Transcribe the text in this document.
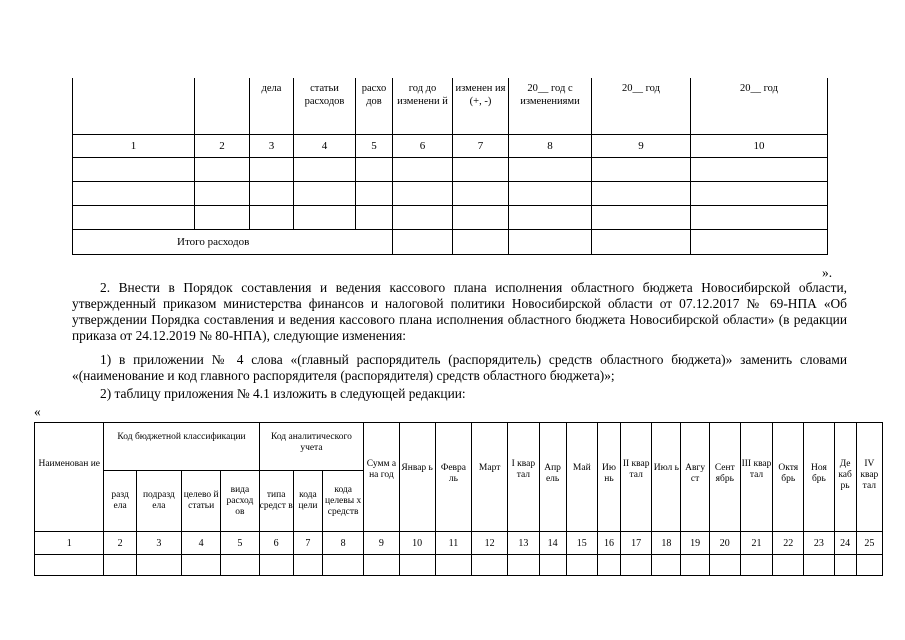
		дела	статьи расходов	расхо дов	год до изменени й	изменен ия (+, -)	20__ год с изменениями	20__ год	20__ год
1	2	3	4	5	6	7	8	9	10

Итого расходов									
».

2. Внести в Порядок составления и ведения кассового плана исполнения областного бюджета Новосибирской области, утвержденный приказом министерства финансов и налоговой политики Новосибирской области от 07.12.2017 № 69-НПА «Об утверждении Порядка составления и ведения кассового плана исполнения областного бюджета Новосибирской области» (в редакции приказа от 24.12.2019 № 80-НПА), следующие изменения:

1) в приложении № 4 слова «(главный распорядитель (распорядитель) средств областного бюджета)» заменить словами «(наименование и код главного распорядителя (распорядителя) средств областного бюджета)»;

2) таблицу приложения № 4.1 изложить в следующей редакции:

«
Наименован ие	Код бюджетной классификации				Код аналитического учета			Сумм а на год	Январ ь	Февра ль	Март	I квар тал	Апр ель	Май	Ию нь	II квар тал	Июл ь	Авгу ст	Сент ябрь	III квар тал	Октя брь	Ноя брь	Де каб рь	IV квар тал
	разд ела	подразд ела	целево й статьи	вида расход ов	типа средст в	кода цели	кода целевы х средств																	
1	2	3	4	5	6	7	8	9	10	11	12	13	14	15	16	17	18	19	20	21	22	23	24	25
